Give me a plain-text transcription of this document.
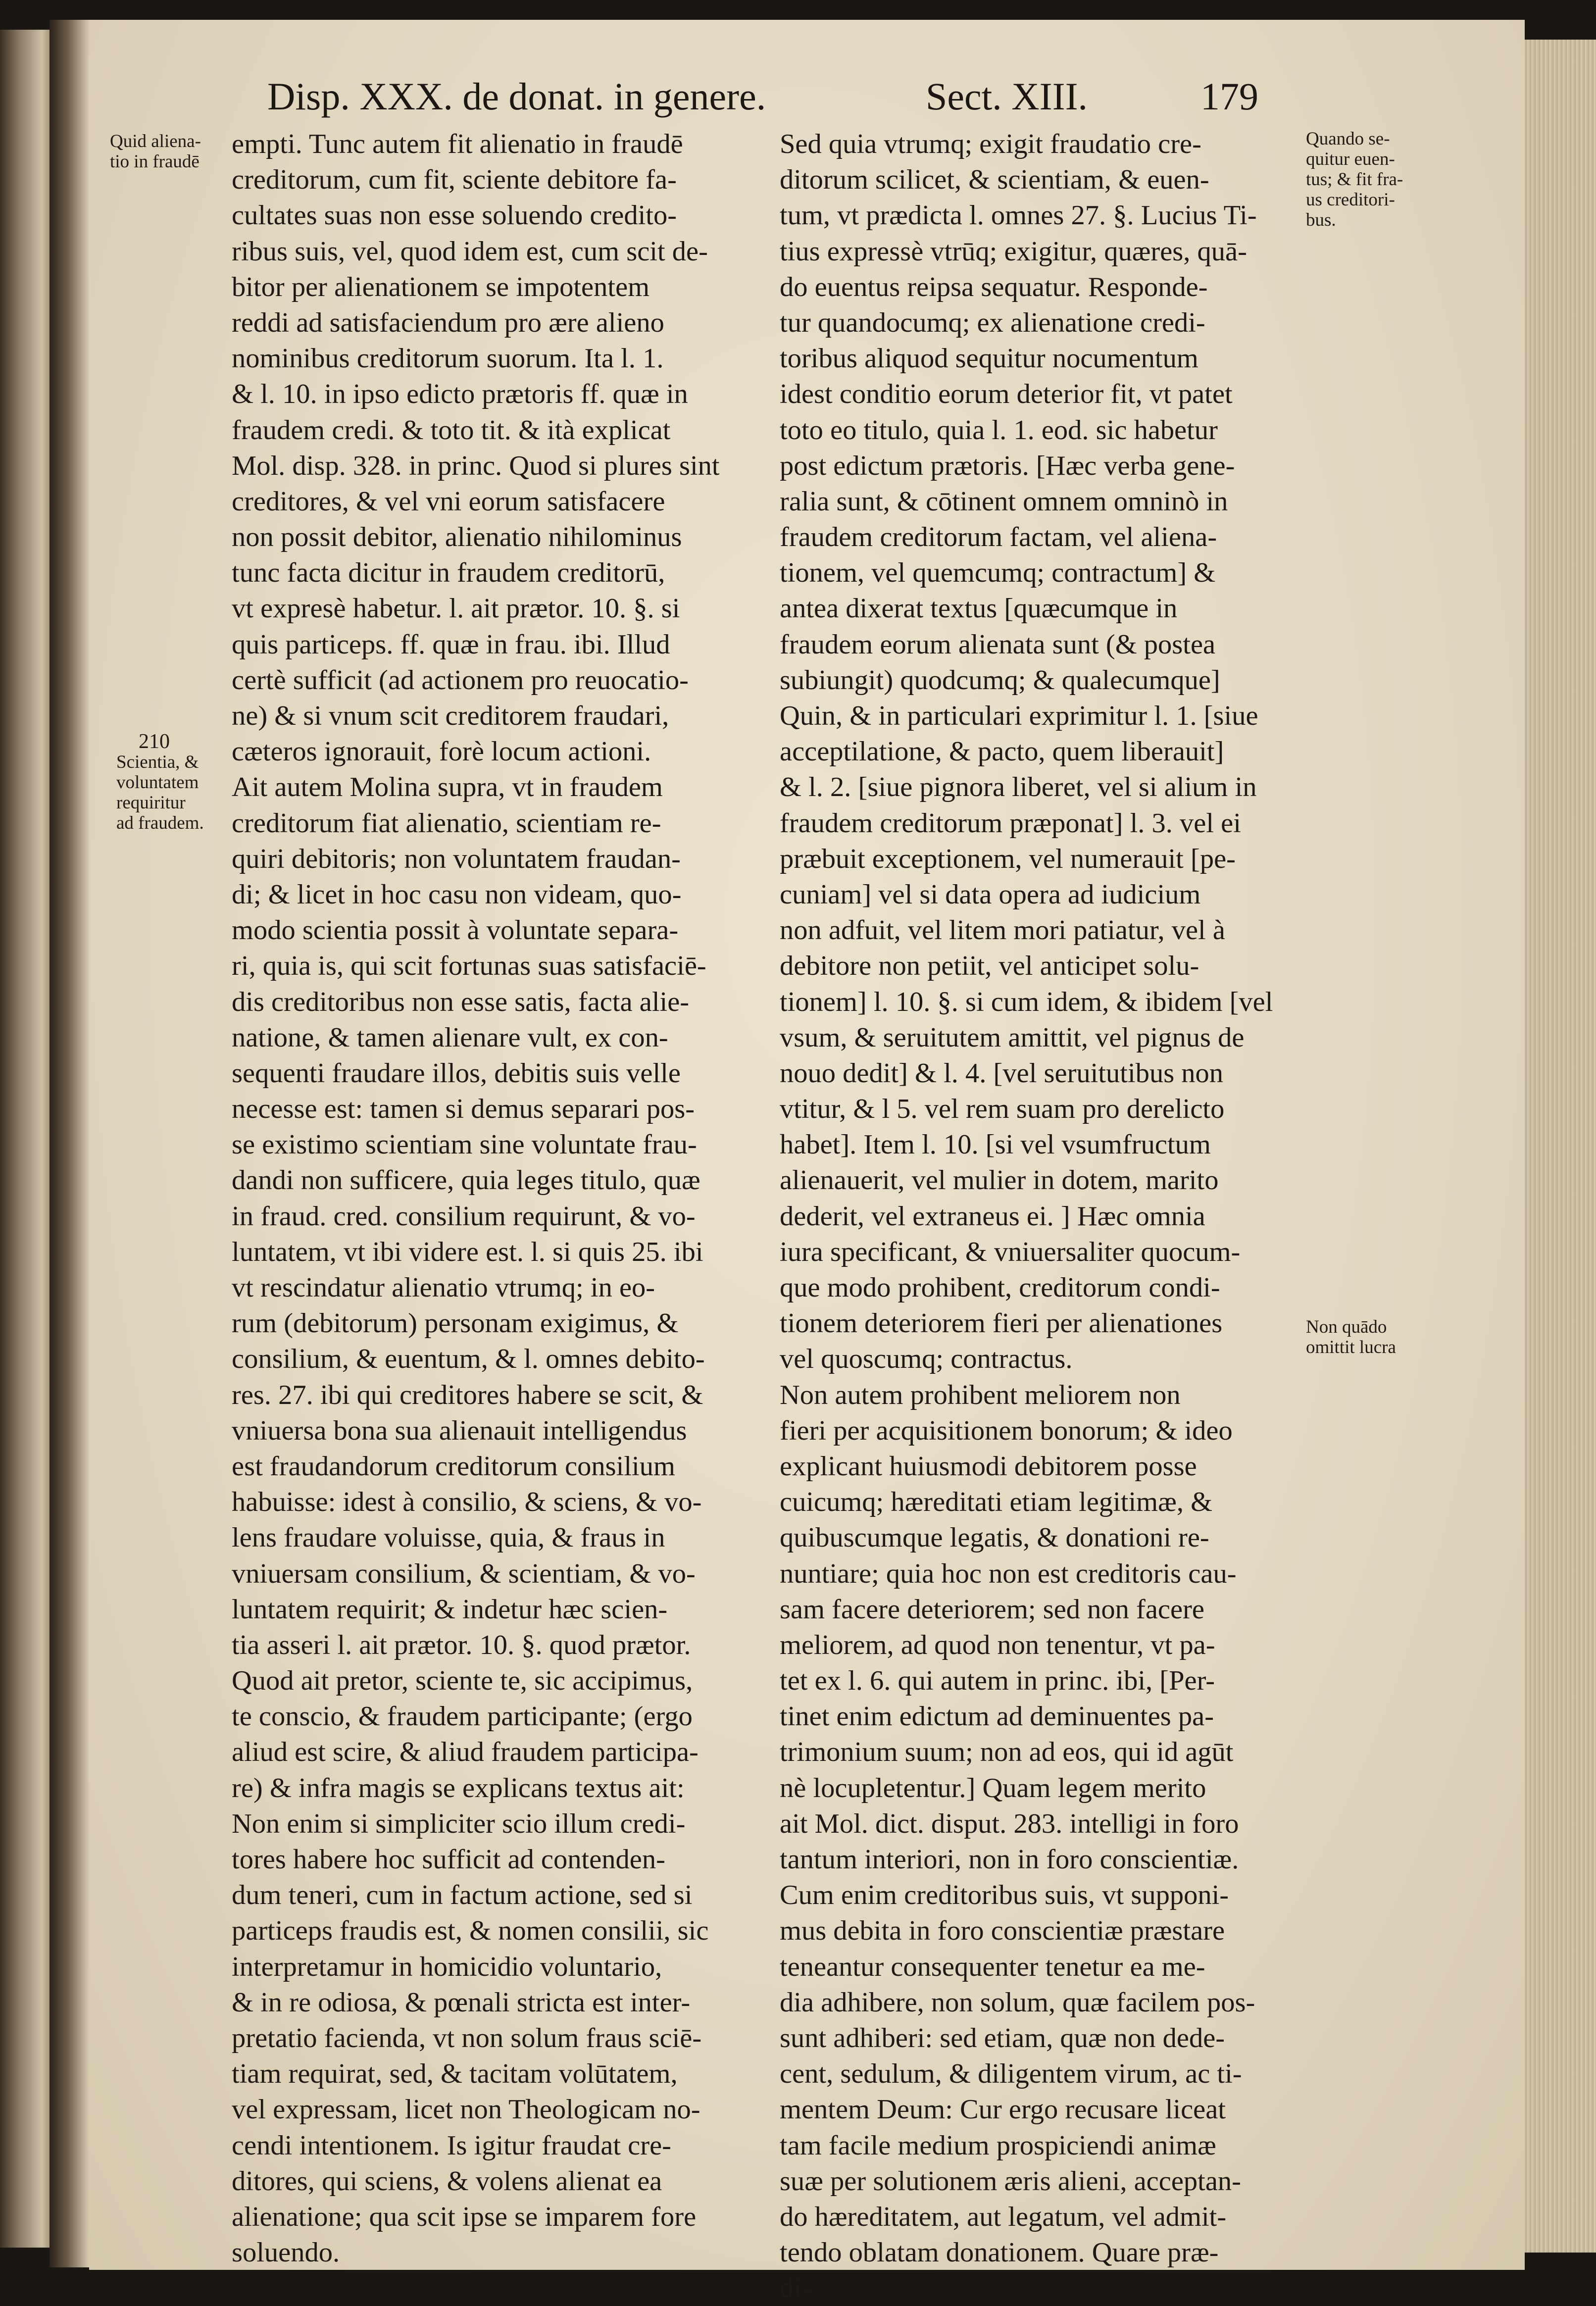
Disp. XXX. de donat. in genere.	Sect. XIII.	179
Quid aliena-
tio in fraudē
210
Scientia, &
voluntatem
requiritur
ad fraudem.
Quando se-
quitur euen-
tus; & fit fra-
us creditori-
bus.
Non quādo
omittit lucra
empti. Tunc autem fit alienatio in fraudē
creditorum, cum fit, sciente debitore fa-
cultates suas non esse soluendo credito-
ribus suis, vel, quod idem est, cum scit de-
bitor per alienationem se impotentem
reddi ad satisfaciendum pro ære alieno
nominibus creditorum suorum. Ita l. 1.
& l. 10. in ipso edicto prætoris ff. quæ in
fraudem credi. & toto tit. & ità explicat
Mol. disp. 328. in princ. Quod si plures sint
creditores, & vel vni eorum satisfacere
non possit debitor, alienatio nihilominus
tunc facta dicitur in fraudem creditorū,
vt expresè habetur. l. ait prætor. 10. §. si
quis particeps. ff. quæ in frau. ibi. Illud
certè sufficit (ad actionem pro reuocatio-
ne) & si vnum scit creditorem fraudari,
cæteros ignorauit, forè locum actioni.
Ait autem Molina supra, vt in fraudem
creditorum fiat alienatio, scientiam re-
quiri debitoris; non voluntatem fraudan-
di; & licet in hoc casu non videam, quo-
modo scientia possit à voluntate separa-
ri, quia is, qui scit fortunas suas satisfaciē-
dis creditoribus non esse satis, facta alie-
natione, & tamen alienare vult, ex con-
sequenti fraudare illos, debitis suis velle
necesse est: tamen si demus separari pos-
se existimo scientiam sine voluntate frau-
dandi non sufficere, quia leges titulo, quæ
in fraud. cred. consilium requirunt, & vo-
luntatem, vt ibi videre est. l. si quis 25. ibi
vt rescindatur alienatio vtrumq; in eo-
rum (debitorum) personam exigimus, &
consilium, & euentum, & l. omnes debito-
res. 27. ibi qui creditores habere se scit, &
vniuersa bona sua alienauit intelligendus
est fraudandorum creditorum consilium
habuisse: idest à consilio, & sciens, & vo-
lens fraudare voluisse, quia, & fraus in
vniuersam consilium, & scientiam, & vo-
luntatem requirit; & indetur hæc scien-
tia asseri l. ait prætor. 10. §. quod prætor.
Quod ait pretor, sciente te, sic accipimus,
te conscio, & fraudem participante; (ergo
aliud est scire, & aliud fraudem participa-
re) & infra magis se explicans textus ait:
Non enim si simpliciter scio illum credi-
tores habere hoc sufficit ad contenden-
dum teneri, cum in factum actione, sed si
particeps fraudis est, & nomen consilii, sic
interpretamur in homicidio voluntario,
& in re odiosa, & pœnali stricta est inter-
pretatio facienda, vt non solum fraus sciē-
tiam requirat, sed, & tacitam volūtatem,
vel expressam, licet non Theologicam no-
cendi intentionem. Is igitur fraudat cre-
ditores, qui sciens, & volens alienat ea
alienatione; qua scit ipse se imparem fore
soluendo.
Sed quia vtrumq; exigit fraudatio cre-
ditorum scilicet, & scientiam, & euen-
tum, vt prædicta l. omnes 27. §. Lucius Ti-
tius expressè vtrūq; exigitur, quæres, quā-
do euentus reipsa sequatur. Responde-
tur quandocumq; ex alienatione credi-
toribus aliquod sequitur nocumentum
idest conditio eorum deterior fit, vt patet
toto eo titulo, quia l. 1. eod. sic habetur
post edictum prætoris. [Hæc verba gene-
ralia sunt, & cōtinent omnem omninò in
fraudem creditorum factam, vel aliena-
tionem, vel quemcumq; contractum] &
antea dixerat textus [quæcumque in
fraudem eorum alienata sunt (& postea
subiungit) quodcumq; & qualecumque]
Quin, & in particulari exprimitur l. 1. [siue
acceptilatione, & pacto, quem liberauit]
& l. 2. [siue pignora liberet, vel si alium in
fraudem creditorum præponat] l. 3. vel ei
præbuit exceptionem, vel numerauit [pe-
cuniam] vel si data opera ad iudicium
non adfuit, vel litem mori patiatur, vel à
debitore non petiit, vel anticipet solu-
tionem] l. 10. §. si cum idem, & ibidem [vel
vsum, & seruitutem amittit, vel pignus de
nouo dedit] & l. 4. [vel seruitutibus non
vtitur, & l 5. vel rem suam pro derelicto
habet]. Item l. 10. [si vel vsumfructum
alienauerit, vel mulier in dotem, marito
dederit, vel extraneus ei. ] Hæc omnia
iura specificant, & vniuersaliter quocum-
que modo prohibent, creditorum condi-
tionem deteriorem fieri per alienationes
vel quoscumq; contractus.
Non autem prohibent meliorem non
fieri per acquisitionem bonorum; & ideo
explicant huiusmodi debitorem posse
cuicumq; hæreditati etiam legitimæ, &
quibuscumque legatis, & donationi re-
nuntiare; quia hoc non est creditoris cau-
sam facere deteriorem; sed non facere
meliorem, ad quod non tenentur, vt pa-
tet ex l. 6. qui autem in princ. ibi, [Per-
tinet enim edictum ad deminuentes pa-
trimonium suum; non ad eos, qui id agūt
nè locupletentur.] Quam legem merito
ait Mol. dict. disput. 283. intelligi in foro
tantum interiori, non in foro conscientiæ.
Cum enim creditoribus suis, vt supponi-
mus debita in foro conscientiæ præstare
teneantur consequenter tenetur ea me-
dia adhibere, non solum, quæ facilem pos-
sunt adhiberi: sed etiam, quæ non dede-
cent, sedulum, & diligentem virum, ac ti-
mentem Deum: Cur ergo recusare liceat
tam facile medium prospiciendi animæ
suæ per solutionem æris alieni, acceptan-
do hæreditatem, aut legatum, vel admit-
tendo oblatam donationem. Quare præ-
di-
